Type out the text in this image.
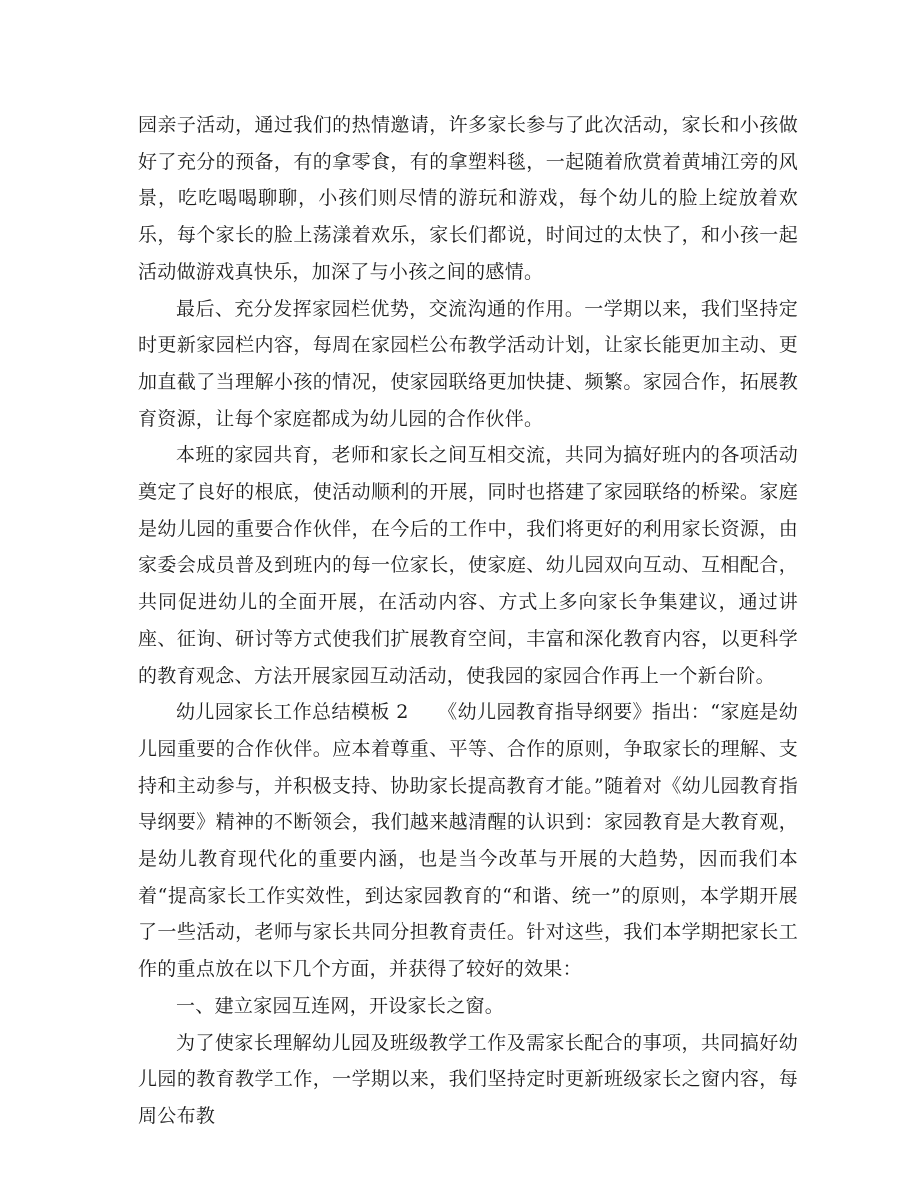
园亲子活动，通过我们的热情邀请，许多家长参与了此次活动，家长和小孩做好了充分的预备，有的拿零食，有的拿塑料毯，一起随着欣赏着黄埔江旁的风景，吃吃喝喝聊聊，小孩们则尽情的游玩和游戏，每个幼儿的脸上绽放着欢乐，每个家长的脸上荡漾着欢乐，家长们都说，时间过的太快了，和小孩一起活动做游戏真快乐，加深了与小孩之间的感情。

最后、充分发挥家园栏优势，交流沟通的作用。一学期以来，我们坚持定时更新家园栏内容，每周在家园栏公布教学活动计划，让家长能更加主动、更加直截了当理解小孩的情况，使家园联络更加快捷、频繁。家园合作，拓展教育资源，让每个家庭都成为幼儿园的合作伙伴。

本班的家园共育，老师和家长之间互相交流，共同为搞好班内的各项活动奠定了良好的根底，使活动顺利的开展，同时也搭建了家园联络的桥梁。家庭是幼儿园的重要合作伙伴，在今后的工作中，我们将更好的利用家长资源，由家委会成员普及到班内的每一位家长，使家庭、幼儿园双向互动、互相配合，共同促进幼儿的全面开展，在活动内容、方式上多向家长争集建议，通过讲座、征询、研讨等方式使我们扩展教育空间，丰富和深化教育内容，以更科学的教育观念、方法开展家园互动活动，使我园的家园合作再上一个新台阶。

幼儿园家长工作总结模板 2　　《幼儿园教育指导纲要》指出：“家庭是幼儿园重要的合作伙伴。应本着尊重、平等、合作的原则，争取家长的理解、支持和主动参与，并积极支持、协助家长提高教育才能。”随着对《幼儿园教育指导纲要》精神的不断领会，我们越来越清醒的认识到：家园教育是大教育观，是幼儿教育现代化的重要内涵，也是当今改革与开展的大趋势，因而我们本着“提高家长工作实效性，到达家园教育的“和谐、统一”的原则，本学期开展了一些活动，老师与家长共同分担教育责任。针对这些，我们本学期把家长工作的重点放在以下几个方面，并获得了较好的效果：

一、建立家园互连网，开设家长之窗。

为了使家长理解幼儿园及班级教学工作及需家长配合的事项，共同搞好幼儿园的教育教学工作，一学期以来，我们坚持定时更新班级家长之窗内容，每周公布教
